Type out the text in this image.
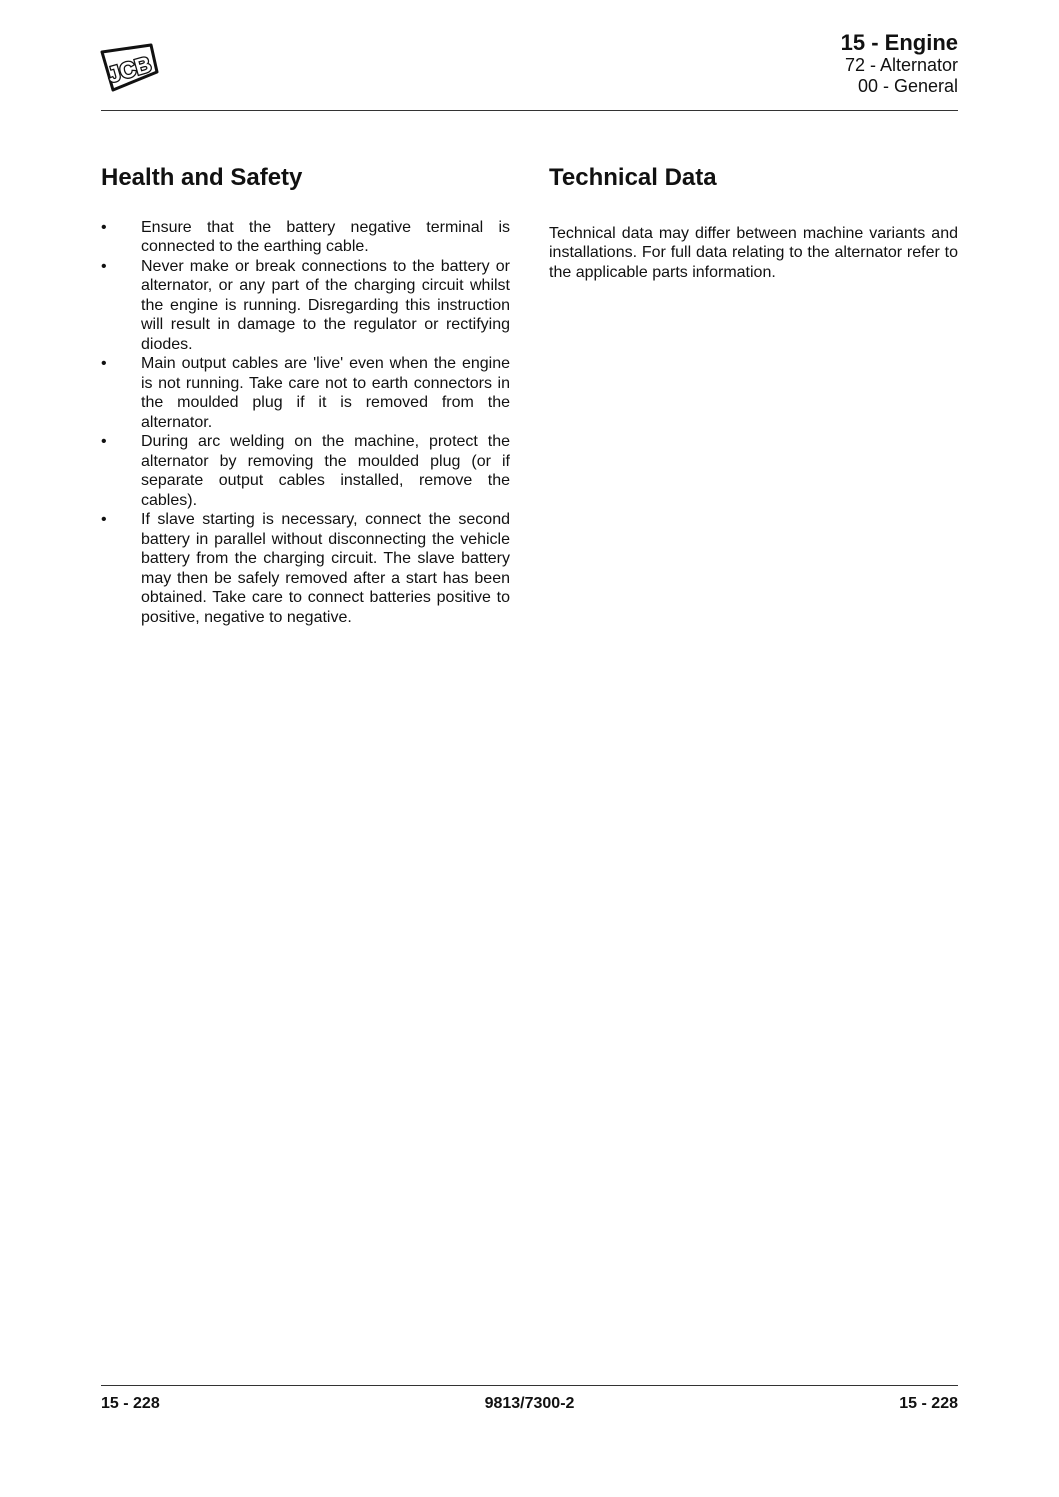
JCB
15 - Engine
72 - Alternator
00 - General
Health and Safety
• Ensure that the battery negative terminal is connected to the earthing cable.
• Never make or break connections to the battery or alternator, or any part of the charging circuit whilst the engine is running. Disregarding this instruction will result in damage to the regulator or rectifying diodes.
• Main output cables are 'live' even when the engine is not running. Take care not to earth connectors in the moulded plug if it is removed from the alternator.
• During arc welding on the machine, protect the alternator by removing the moulded plug (or if separate output cables installed, remove the cables).
• If slave starting is necessary, connect the second battery in parallel without disconnecting the vehicle battery from the charging circuit. The slave battery may then be safely removed after a start has been obtained. Take care to connect batteries positive to positive, negative to negative.
Technical Data

Technical data may differ between machine variants and installations. For full data relating to the alternator refer to the applicable parts information.

15 - 228	9813/7300-2	15 - 228
